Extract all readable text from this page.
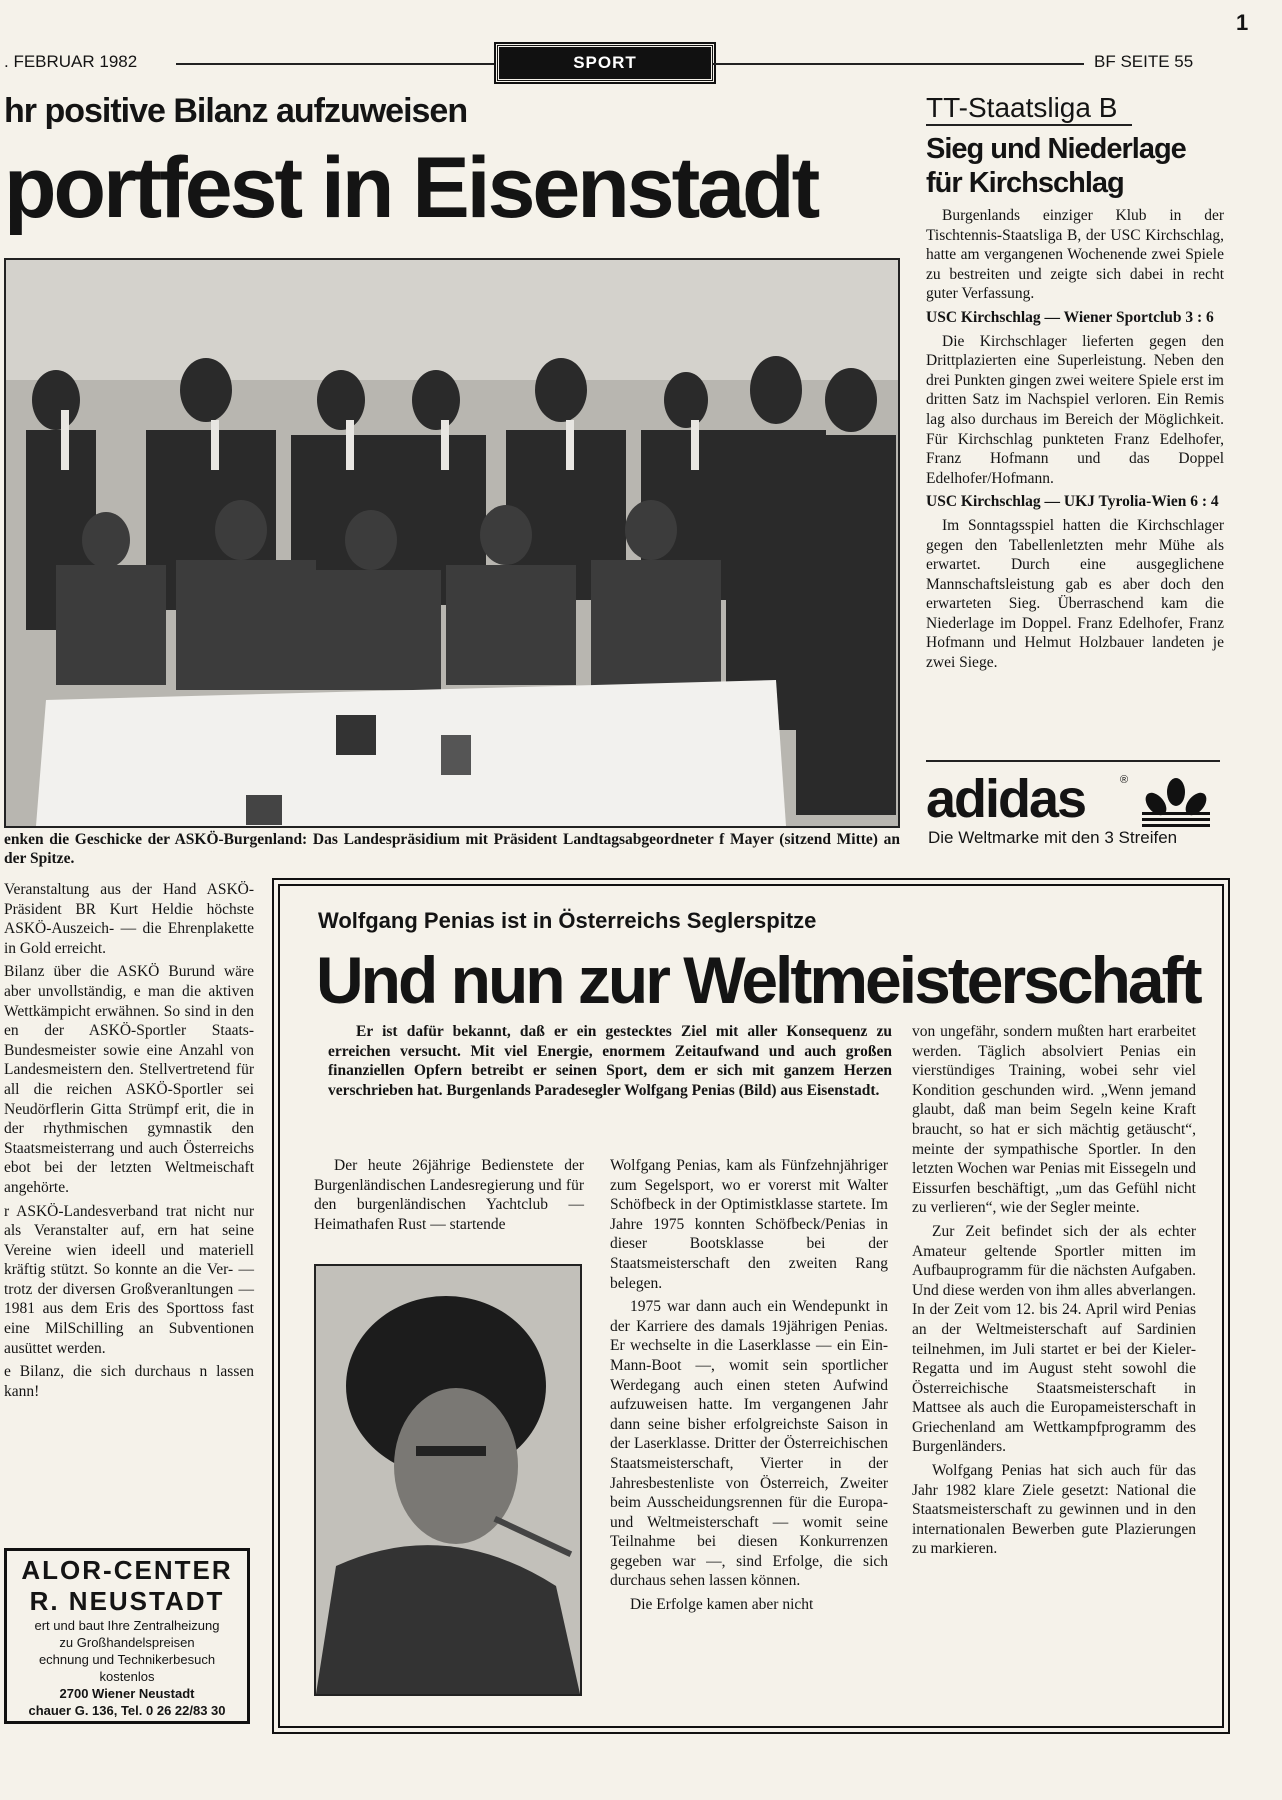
. FEBRUAR 1982	SPORT	BF SEITE 55
1
hr positive Bilanz aufzuweisen
portfest in Eisenstadt
enken die Geschicke der ASKÖ-Burgenland: Das Landespräsidium mit Präsident Landtagsabgeordneter f Mayer (sitzend Mitte) an der Spitze.

Veranstaltung aus der Hand ASKÖ-Präsident BR Kurt Heldie höchste ASKÖ-Auszeich- — die Ehrenplakette in Gold erreicht.

Bilanz über die ASKÖ Burund wäre aber unvollständig, e man die aktiven Wettkämpicht erwähnen. So sind in den en der ASKÖ-Sportler Staats-Bundesmeister sowie eine Anzahl von Landesmeistern den. Stellvertretend für all die reichen ASKÖ-Sportler sei Neudörflerin Gitta Strümpf erit, die in der rhythmischen gymnastik den Staatsmeisterrang und auch Österreichs ebot bei der letzten Weltmeischaft angehörte.

r ASKÖ-Landesverband trat nicht nur als Veranstalter auf, ern hat seine Vereine wien ideell und materiell kräftig stützt. So konnte an die Ver- — trotz der diversen Großveranltungen — 1981 aus dem Eris des Sporttoss fast eine MilSchilling an Subventionen ausüttet werden.

e Bilanz, die sich durchaus n lassen kann!

ALOR-CENTER
R. NEUSTADT
ert und baut Ihre Zentralheizung
zu Großhandelspreisen
echnung und Technikerbesuch
kostenlos
2700 Wiener Neustadt
chauer G. 136, Tel. 0 26 22/83 30
TT-Staatsliga B
Sieg und Niederlage für Kirchschlag

Burgenlands einziger Klub in der Tischtennis-Staatsliga B, der USC Kirchschlag, hatte am vergangenen Wochenende zwei Spiele zu bestreiten und zeigte sich dabei in recht guter Verfassung.

USC Kirchschlag — Wiener Sportclub 3 : 6

Die Kirchschlager lieferten gegen den Drittplazierten eine Superleistung. Neben den drei Punkten gingen zwei weitere Spiele erst im dritten Satz im Nachspiel verloren. Ein Remis lag also durchaus im Bereich der Möglichkeit. Für Kirchschlag punkteten Franz Edelhofer, Franz Hofmann und das Doppel Edelhofer/Hofmann.

USC Kirchschlag — UKJ Tyrolia-Wien 6 : 4

Im Sonntagsspiel hatten die Kirchschlager gegen den Tabellenletzten mehr Mühe als erwartet. Durch eine ausgeglichene Mannschaftsleistung gab es aber doch den erwarteten Sieg. Überraschend kam die Niederlage im Doppel. Franz Edelhofer, Franz Hofmann und Helmut Holzbauer landeten je zwei Siege.

adidas	®
Die Weltmarke mit den 3 Streifen
Wolfgang Penias ist in Österreichs Seglerspitze
Und nun zur Weltmeisterschaft
Er ist dafür bekannt, daß er ein gestecktes Ziel mit aller Konsequenz zu erreichen versucht. Mit viel Energie, enormem Zeitaufwand und auch großen finanziellen Opfern betreibt er seinen Sport, dem er sich mit ganzem Herzen verschrieben hat. Burgenlands Paradesegler Wolfgang Penias (Bild) aus Eisenstadt.
Der heute 26jährige Bedienstete der Burgenländischen Landesregierung und für den burgenländischen Yachtclub — Heimathafen Rust — startende

Wolfgang Penias, kam als Fünfzehnjähriger zum Segelsport, wo er vorerst mit Walter Schöfbeck in der Optimistklasse startete. Im Jahre 1975 konnten Schöfbeck/Penias in dieser Bootsklasse bei der Staatsmeisterschaft den zweiten Rang belegen.

1975 war dann auch ein Wendepunkt in der Karriere des damals 19jährigen Penias. Er wechselte in die Laserklasse — ein Ein-Mann-Boot —, womit sein sportlicher Werdegang auch einen steten Aufwind aufzuweisen hatte. Im vergangenen Jahr dann seine bisher erfolgreichste Saison in der Laserklasse. Dritter der Österreichischen Staatsmeisterschaft, Vierter in der Jahresbestenliste von Österreich, Zweiter beim Ausscheidungsrennen für die Europa- und Weltmeisterschaft — womit seine Teilnahme bei diesen Konkurrenzen gegeben war —, sind Erfolge, die sich durchaus sehen lassen können.

Die Erfolge kamen aber nicht

von ungefähr, sondern mußten hart erarbeitet werden. Täglich absolviert Penias ein vierstündiges Training, wobei sehr viel Kondition geschunden wird. „Wenn jemand glaubt, daß man beim Segeln keine Kraft braucht, so hat er sich mächtig getäuscht“, meinte der sympathische Sportler. In den letzten Wochen war Penias mit Eissegeln und Eissurfen beschäftigt, „um das Gefühl nicht zu verlieren“, wie der Segler meinte.

Zur Zeit befindet sich der als echter Amateur geltende Sportler mitten im Aufbauprogramm für die nächsten Aufgaben. Und diese werden von ihm alles abverlangen. In der Zeit vom 12. bis 24. April wird Penias an der Weltmeisterschaft auf Sardinien teilnehmen, im Juli startet er bei der Kieler-Regatta und im August steht sowohl die Österreichische Staatsmeisterschaft in Mattsee als auch die Europameisterschaft in Griechenland am Wettkampfprogramm des Burgenländers.

Wolfgang Penias hat sich auch für das Jahr 1982 klare Ziele gesetzt: National die Staatsmeisterschaft zu gewinnen und in den internationalen Bewerben gute Plazierungen zu markieren.
